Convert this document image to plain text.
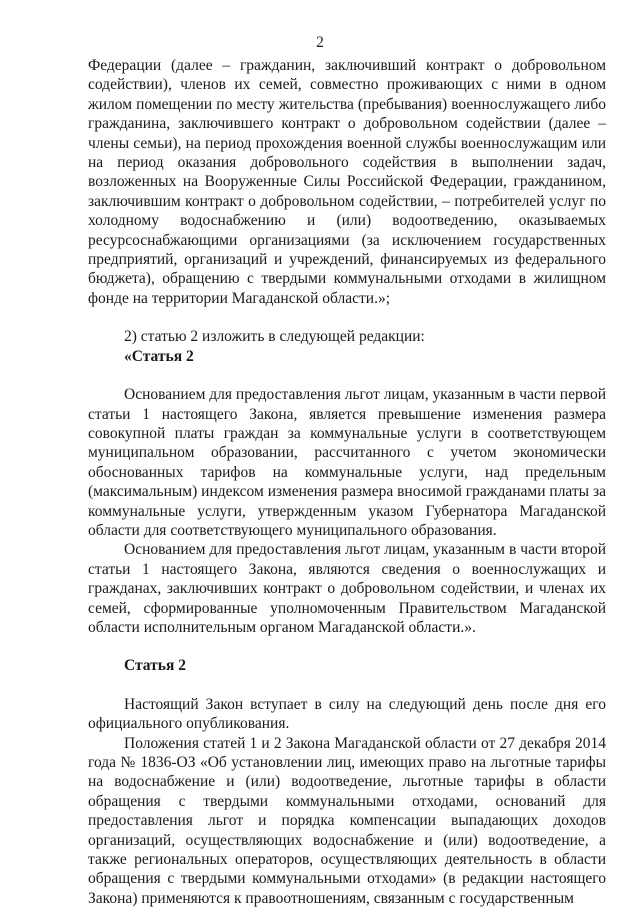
2

Федерации (далее – гражданин, заключивший контракт о добровольном содействии), членов их семей, совместно проживающих с ними в одном жилом помещении по месту жительства (пребывания) военнослужащего либо гражданина, заключившего контракт о добровольном содействии (далее – члены семьи), на период прохождения военной службы военнослужащим или на период оказания добровольного содействия в выполнении задач, возложенных на Вооруженные Силы Российской Федерации, гражданином, заключившим контракт о добровольном содействии, – потребителей услуг по холодному водоснабжению и (или) водоотведению, оказываемых ресурсоснабжающими организациями (за исключением государственных предприятий, организаций и учреждений, финансируемых из федерального бюджета), обращению с твердыми коммунальными отходами в жилищном фонде на территории Магаданской области.»;

2) статью 2 изложить в следующей редакции:

«Статья 2

Основанием для предоставления льгот лицам, указанным в части первой статьи 1 настоящего Закона, является превышение изменения размера совокупной платы граждан за коммунальные услуги в соответствующем муниципальном образовании, рассчитанного с учетом экономически обоснованных тарифов на коммунальные услуги, над предельным (максимальным) индексом изменения размера вносимой гражданами платы за коммунальные услуги, утвержденным указом Губернатора Магаданской области для соответствующего муниципального образования.

Основанием для предоставления льгот лицам, указанным в части второй статьи 1 настоящего Закона, являются сведения о военнослужащих и гражданах, заключивших контракт о добровольном содействии, и членах их семей, сформированные уполномоченным Правительством Магаданской области исполнительным органом Магаданской области.».

Статья 2

Настоящий Закон вступает в силу на следующий день после дня его официального опубликования.

Положения статей 1 и 2 Закона Магаданской области от 27 декабря 2014 года № 1836-ОЗ «Об установлении лиц, имеющих право на льготные тарифы на водоснабжение и (или) водоотведение, льготные тарифы в области обращения с твердыми коммунальными отходами, оснований для предоставления льгот и порядка компенсации выпадающих доходов организаций, осуществляющих водоснабжение и (или) водоотведение, а также региональных операторов, осуществляющих деятельность в области обращения с твердыми коммунальными отходами» (в редакции настоящего Закона) применяются к правоотношениям, связанным с государственным
